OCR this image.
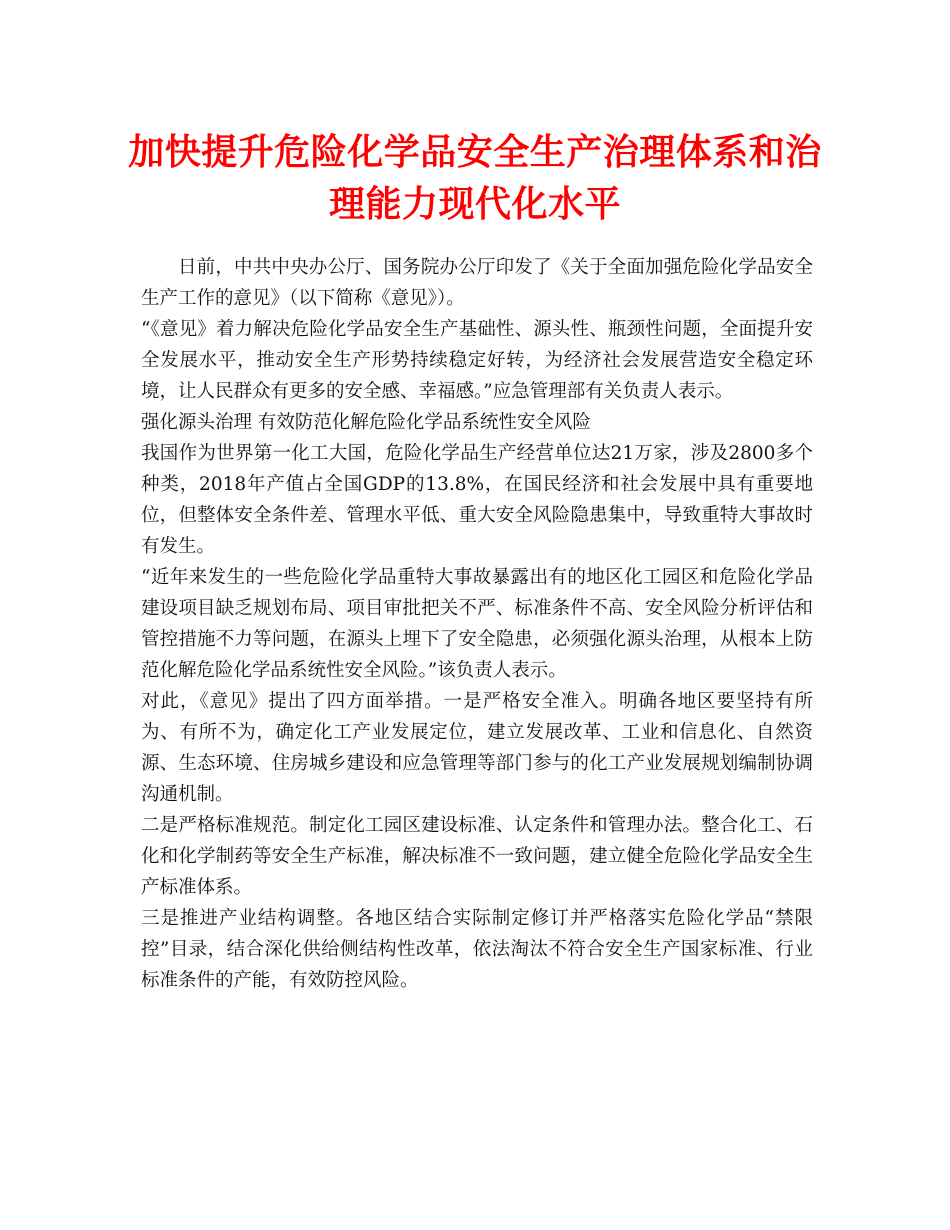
加快提升危险化学品安全生产治理体系和治
理能力现代化水平

日前，中共中央办公厅、国务院办公厅印发了《关于全面加强危险化学品安全生产工作的意见》（以下简称《意见》）。

“《意见》着力解决危险化学品安全生产基础性、源头性、瓶颈性问题，全面提升安全发展水平，推动安全生产形势持续稳定好转，为经济社会发展营造安全稳定环境，让人民群众有更多的安全感、幸福感。”应急管理部有关负责人表示。

强化源头治理 有效防范化解危险化学品系统性安全风险

我国作为世界第一化工大国，危险化学品生产经营单位达21万家，涉及2800多个种类，2018年产值占全国GDP的13.8%，在国民经济和社会发展中具有重要地位，但整体安全条件差、管理水平低、重大安全风险隐患集中，导致重特大事故时有发生。

“近年来发生的一些危险化学品重特大事故暴露出有的地区化工园区和危险化学品建设项目缺乏规划布局、项目审批把关不严、标准条件不高、安全风险分析评估和管控措施不力等问题，在源头上埋下了安全隐患，必须强化源头治理，从根本上防范化解危险化学品系统性安全风险。”该负责人表示。

对此，《意见》提出了四方面举措。一是严格安全准入。明确各地区要坚持有所为、有所不为，确定化工产业发展定位，建立发展改革、工业和信息化、自然资源、生态环境、住房城乡建设和应急管理等部门参与的化工产业发展规划编制协调沟通机制。

二是严格标准规范。制定化工园区建设标准、认定条件和管理办法。整合化工、石化和化学制药等安全生产标准，解决标准不一致问题，建立健全危险化学品安全生产标准体系。

三是推进产业结构调整。各地区结合实际制定修订并严格落实危险化学品“禁限控”目录，结合深化供给侧结构性改革，依法淘汰不符合安全生产国家标准、行业标准条件的产能，有效防控风险。
